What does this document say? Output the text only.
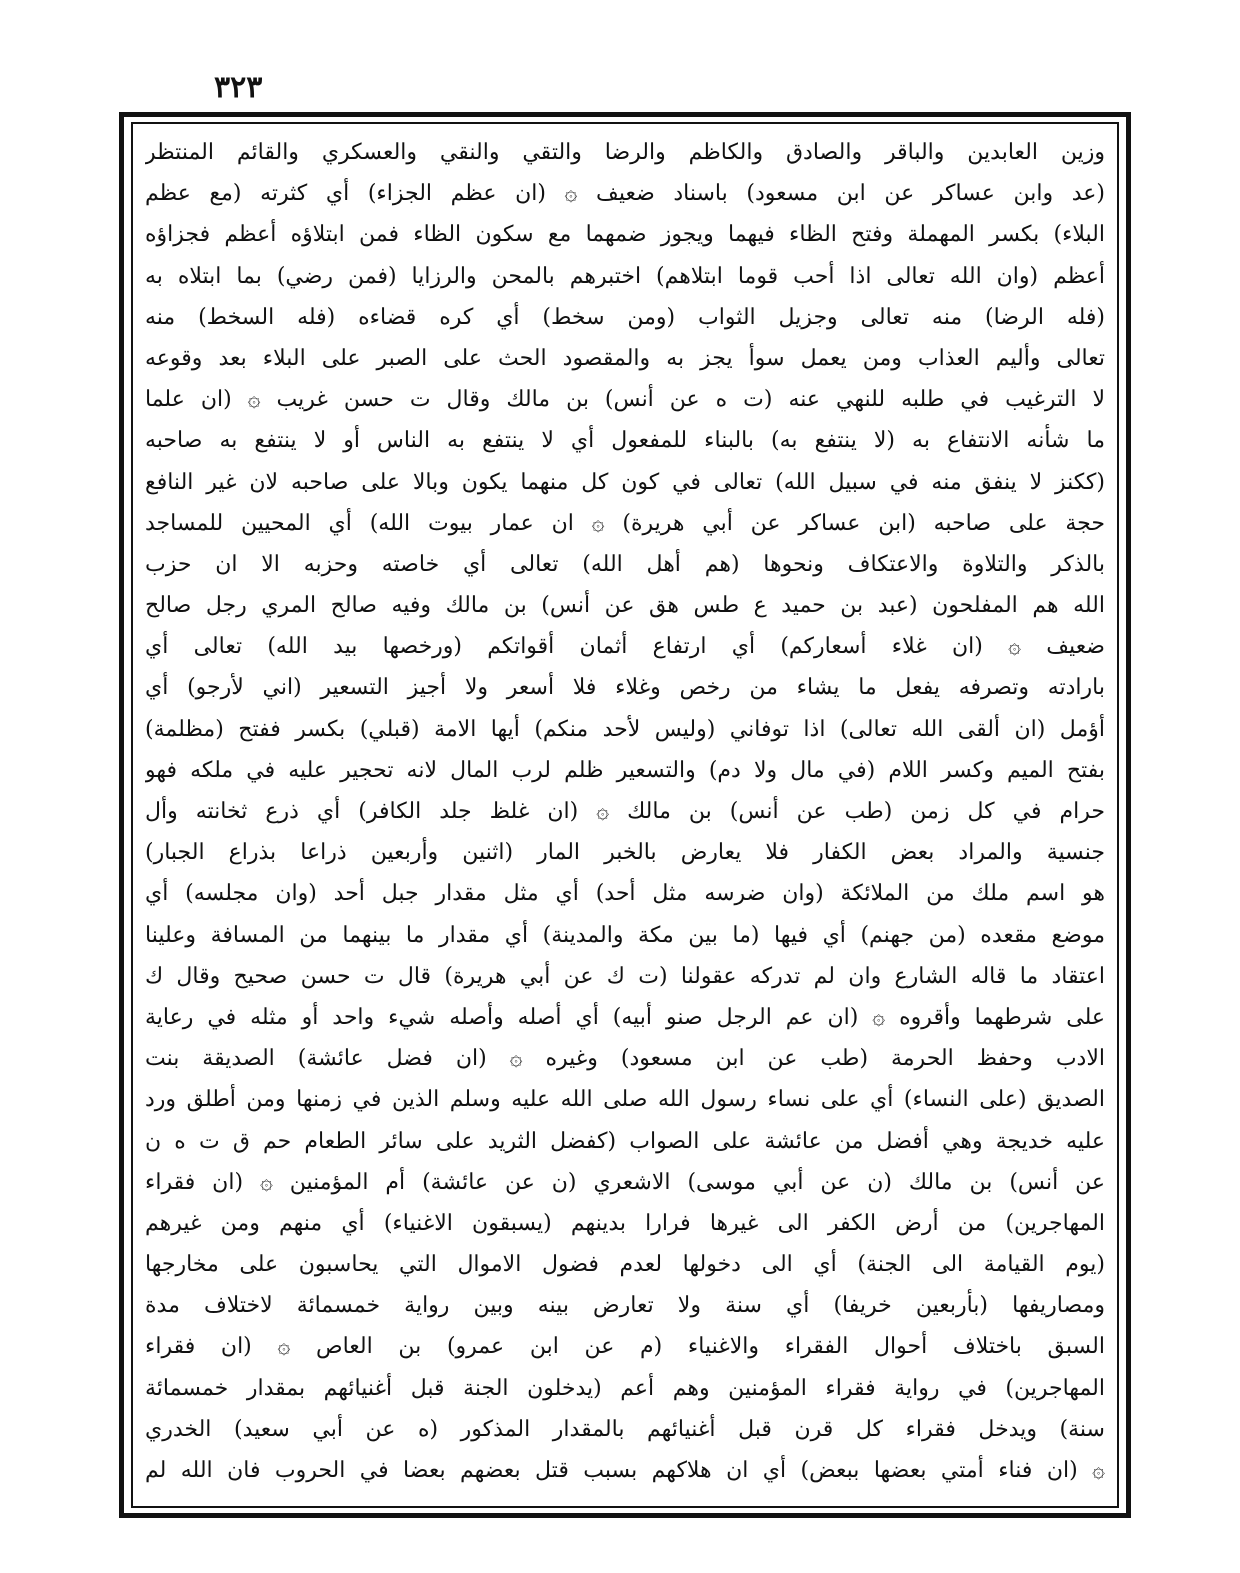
٣٢٣
وزين العابدين والباقر والصادق والكاظم والرضا والتقي والنقي والعسكري والقائم المنتظر
(عد وابن عساكر عن ابن مسعود) باسناد ضعيف ۞ (ان عظم الجزاء) أي كثرته (مع عظم
البلاء) بكسر المهملة وفتح الظاء فيهما ويجوز ضمهما مع سكون الظاء فمن ابتلاؤه أعظم فجزاؤه
أعظم (وان الله تعالى اذا أحب قوما ابتلاهم) اختبرهم بالمحن والرزايا (فمن رضي) بما ابتلاه به
(فله الرضا) منه تعالى وجزيل الثواب (ومن سخط) أي كره قضاءه (فله السخط) منه
تعالى وأليم العذاب ومن يعمل سوأ يجز به والمقصود الحث على الصبر على البلاء بعد وقوعه
لا الترغيب في طلبه للنهي عنه (ت ه عن أنس) بن مالك وقال ت حسن غريب ۞ (ان علما
ما شأنه الانتفاع به (لا ينتفع به) بالبناء للمفعول أي لا ينتفع به الناس أو لا ينتفع به صاحبه
(ككنز لا ينفق منه في سبيل الله) تعالى في كون كل منهما يكون وبالا على صاحبه لان غير النافع
حجة على صاحبه (ابن عساكر عن أبي هريرة) ۞ ان عمار بيوت الله) أي المحيين للمساجد
بالذكر والتلاوة والاعتكاف ونحوها (هم أهل الله) تعالى أي خاصته وحزبه الا ان حزب
الله هم المفلحون (عبد بن حميد ع طس هق عن أنس) بن مالك وفيه صالح المري رجل صالح
ضعيف ۞ (ان غلاء أسعاركم) أي ارتفاع أثمان أقواتكم (ورخصها بيد الله) تعالى أي
بارادته وتصرفه يفعل ما يشاء من رخص وغلاء فلا أسعر ولا أجيز التسعير (اني لأرجو) أي
أؤمل (ان ألقى الله تعالى) اذا توفاني (وليس لأحد منكم) أيها الامة (قبلي) بكسر ففتح (مظلمة)
بفتح الميم وكسر اللام (في مال ولا دم) والتسعير ظلم لرب المال لانه تحجير عليه في ملكه فهو
حرام في كل زمن (طب عن أنس) بن مالك ۞ (ان غلظ جلد الكافر) أي ذرع ثخانته وأل
جنسية والمراد بعض الكفار فلا يعارض بالخبر المار (اثنين وأربعين ذراعا بذراع الجبار)
هو اسم ملك من الملائكة (وان ضرسه مثل أحد) أي مثل مقدار جبل أحد (وان مجلسه) أي
موضع مقعده (من جهنم) أي فيها (ما بين مكة والمدينة) أي مقدار ما بينهما من المسافة وعلينا
اعتقاد ما قاله الشارع وان لم تدركه عقولنا (ت ك عن أبي هريرة) قال ت حسن صحيح وقال ك
على شرطهما وأقروه ۞ (ان عم الرجل صنو أبيه) أي أصله وأصله شيء واحد أو مثله في رعاية
الادب وحفظ الحرمة (طب عن ابن مسعود) وغيره ۞ (ان فضل عائشة) الصديقة بنت
الصديق (على النساء) أي على نساء رسول الله صلى الله عليه وسلم الذين في زمنها ومن أطلق ورد
عليه خديجة وهي أفضل من عائشة على الصواب (كفضل الثريد على سائر الطعام حم ق ت ه ن
عن أنس) بن مالك (ن عن أبي موسى) الاشعري (ن عن عائشة) أم المؤمنين ۞ (ان فقراء
المهاجرين) من أرض الكفر الى غيرها فرارا بدينهم (يسبقون الاغنياء) أي منهم ومن غيرهم
(يوم القيامة الى الجنة) أي الى دخولها لعدم فضول الاموال التي يحاسبون على مخارجها
ومصاريفها (بأربعين خريفا) أي سنة ولا تعارض بينه وبين رواية خمسمائة لاختلاف مدة
السبق باختلاف أحوال الفقراء والاغنياء (م عن ابن عمرو) بن العاص ۞ (ان فقراء
المهاجرين) في رواية فقراء المؤمنين وهم أعم (يدخلون الجنة قبل أغنيائهم بمقدار خمسمائة
سنة) ويدخل فقراء كل قرن قبل أغنيائهم بالمقدار المذكور (ه عن أبي سعيد) الخدري
۞ (ان فناء أمتي بعضها ببعض) أي ان هلاكهم بسبب قتل بعضهم بعضا في الحروب فان الله لم
